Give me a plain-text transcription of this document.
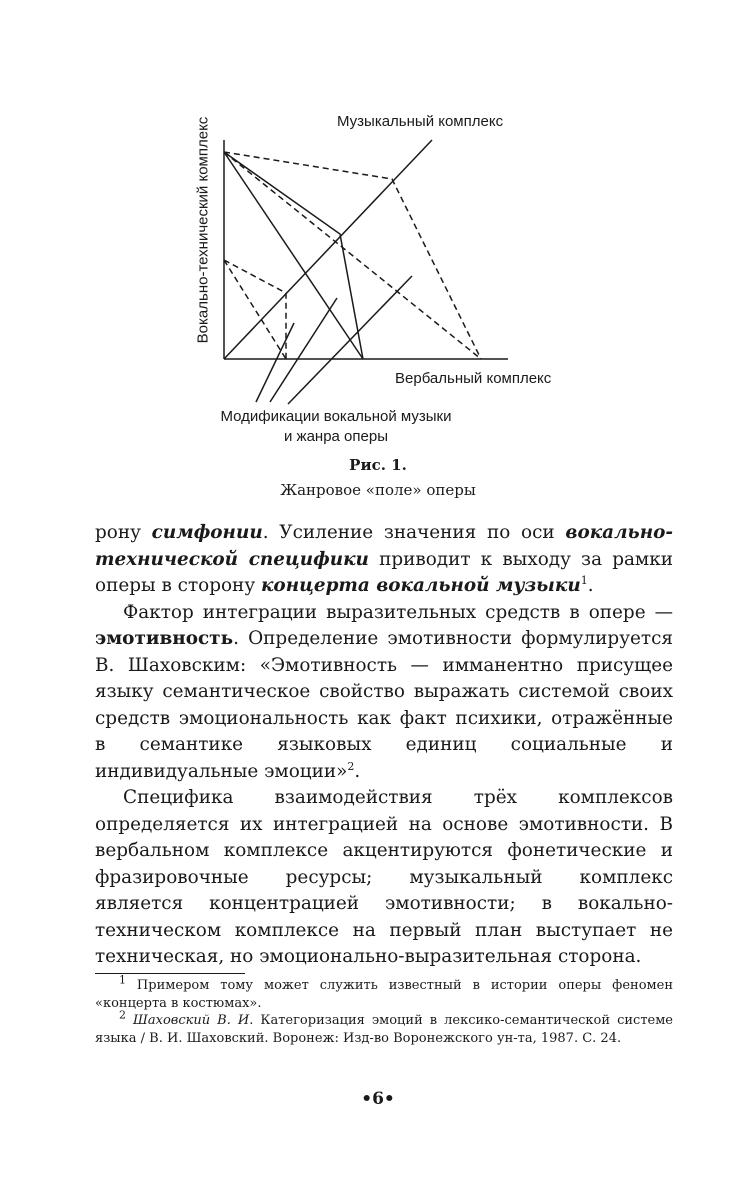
Музыкальный комплекс
Вербальный комплекс
Вокально-технический комплекс
Модификации вокальной музыки
и жанра оперы
Рис. 1.
Жанровое «поле» оперы

рону симфонии. Усиление значения по оси вокально-технической специфики приводит к выходу за рамки оперы в сторону концерта вокальной музыки$^1$.

Фактор интеграции выразительных средств в опере — эмотивность. Определение эмотивности формулируется В. Шаховским: «Эмотивность — имманентно присущее языку семантическое свойство выражать системой своих средств эмоциональность как факт психики, отражённые в семантике языковых единиц социальные и индивидуальные эмоции»$^2$.

Специфика взаимодействия трёх комплексов определяется их интеграцией на основе эмотивности. В вербальном комплексе акцентируются фонетические и фразировочные ресурсы; музыкальный комплекс является концентрацией эмотивности; в вокально-техническом комплексе на первый план выступает не техническая, но эмоционально-выразительная сторона.

$^1$ Примером тому может служить известный в истории оперы феномен «концерта в костюмах».

$^2$ Шаховский В. И. Категоризация эмоций в лексико-семантической системе языка / В. И. Шаховский. Воронеж: Изд-во Воронежского ун-та, 1987. С. 24.

•6•
